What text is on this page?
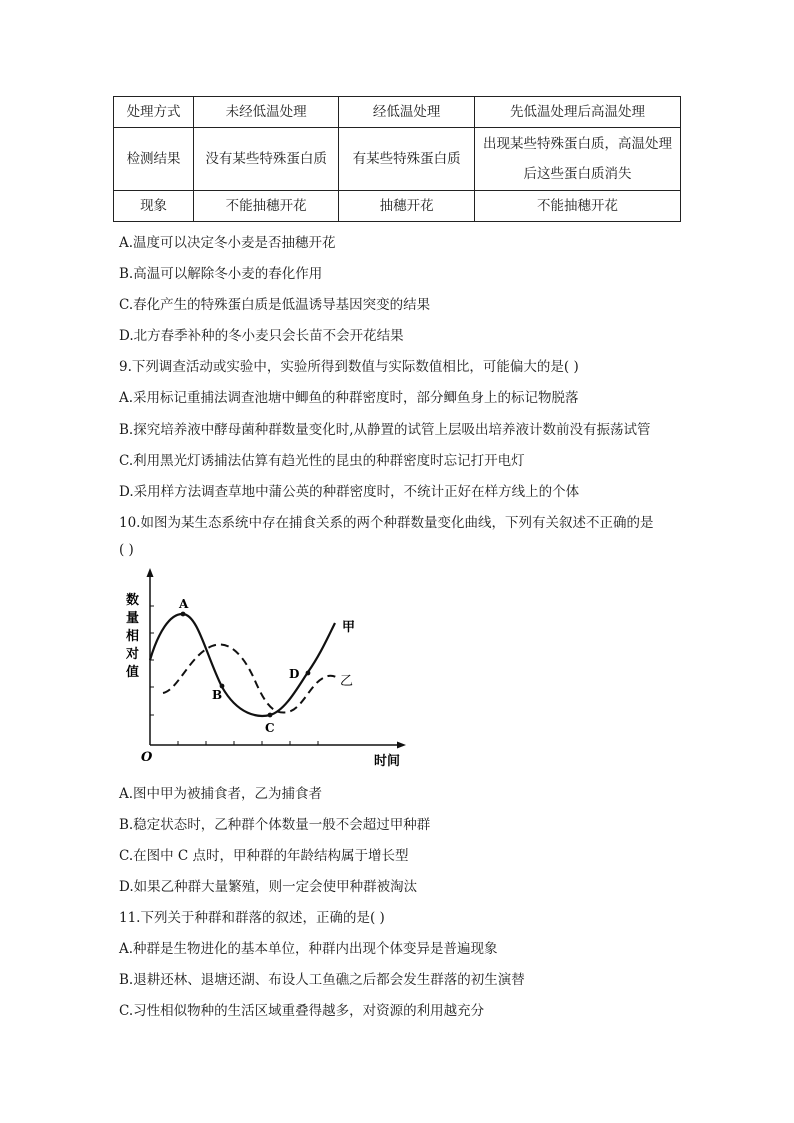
处理方式	未经低温处理	经低温处理	先低温处理后高温处理
检测结果	没有某些特殊蛋白质	有某些特殊蛋白质	出现某些特殊蛋白质，高温处理后这些蛋白质消失
现象	不能抽穗开花	抽穗开花	不能抽穗开花
A.温度可以决定冬小麦是否抽穗开花
B.高温可以解除冬小麦的春化作用
C.春化产生的特殊蛋白质是低温诱导基因突变的结果
D.北方春季补种的冬小麦只会长苗不会开花结果
9.下列调查活动或实验中，实验所得到数值与实际数值相比，可能偏大的是( )
A.采用标记重捕法调查池塘中鲫鱼的种群密度时，部分鲫鱼身上的标记物脱落
B.探究培养液中酵母菌种群数量变化时,从静置的试管上层吸出培养液计数前没有振荡试管
C.利用黑光灯诱捕法估算有趋光性的昆虫的种群密度时忘记打开电灯
D.采用样方法调查草地中蒲公英的种群密度时，不统计正好在样方线上的个体
10.如图为某生态系统中存在捕食关系的两个种群数量变化曲线，下列有关叙述不正确的是
( )
A
B
C
D
甲
乙
数
量
相
对
值
O	时间
A.图中甲为被捕食者，乙为捕食者
B.稳定状态时，乙种群个体数量一般不会超过甲种群
C.在图中 C 点时，甲种群的年龄结构属于增长型
D.如果乙种群大量繁殖，则一定会使甲种群被淘汰
11.下列关于种群和群落的叙述，正确的是( )
A.种群是生物进化的基本单位，种群内出现个体变异是普遍现象
B.退耕还林、退塘还湖、布设人工鱼礁之后都会发生群落的初生演替
C.习性相似物种的生活区域重叠得越多，对资源的利用越充分
